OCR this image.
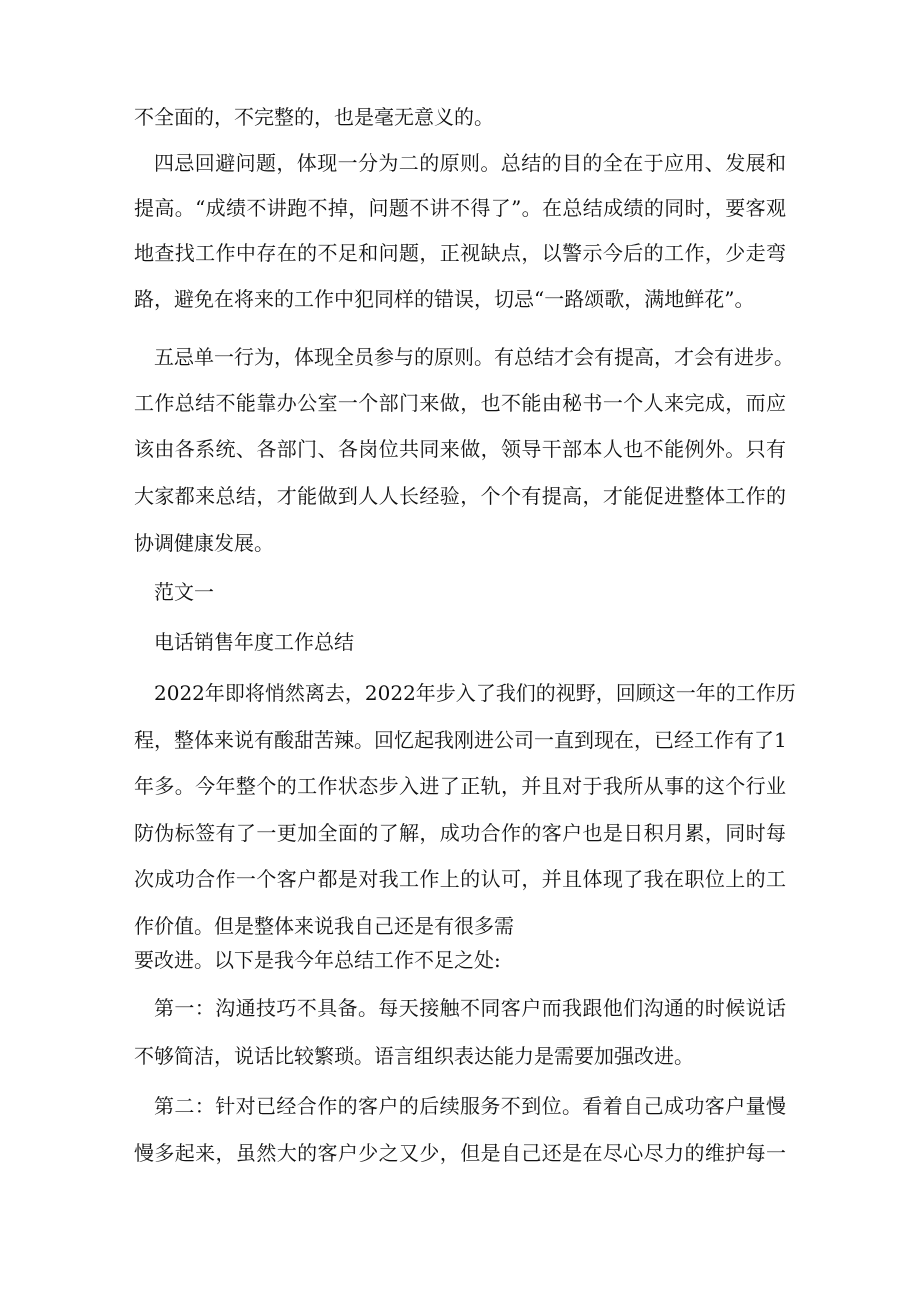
不全面的，不完整的，也是毫无意义的。

四忌回避问题，体现一分为二的原则。总结的目的全在于应用、发展和

提高。“成绩不讲跑不掉，问题不讲不得了”。在总结成绩的同时，要客观

地查找工作中存在的不足和问题，正视缺点，以警示今后的工作，少走弯

路，避免在将来的工作中犯同样的错误，切忌“一路颂歌，满地鲜花”。

五忌单一行为，体现全员参与的原则。有总结才会有提高，才会有进步。

工作总结不能靠办公室一个部门来做，也不能由秘书一个人来完成，而应

该由各系统、各部门、各岗位共同来做，领导干部本人也不能例外。只有

大家都来总结，才能做到人人长经验，个个有提高，才能促进整体工作的

协调健康发展。

范文一

电话销售年度工作总结

2022年即将悄然离去，2022年步入了我们的视野，回顾这一年的工作历

程，整体来说有酸甜苦辣。回忆起我刚进公司一直到现在，已经工作有了1

年多。今年整个的工作状态步入进了正轨，并且对于我所从事的这个行业

防伪标签有了一更加全面的了解，成功合作的客户也是日积月累，同时每

次成功合作一个客户都是对我工作上的认可，并且体现了我在职位上的工

作价值。但是整体来说我自己还是有很多需

要改进。以下是我今年总结工作不足之处:

第一：沟通技巧不具备。每天接触不同客户而我跟他们沟通的时候说话

不够简洁，说话比较繁琐。语言组织表达能力是需要加强改进。

第二：针对已经合作的客户的后续服务不到位。看着自己成功客户量慢

慢多起来，虽然大的客户少之又少，但是自己还是在尽心尽力的维护每一
